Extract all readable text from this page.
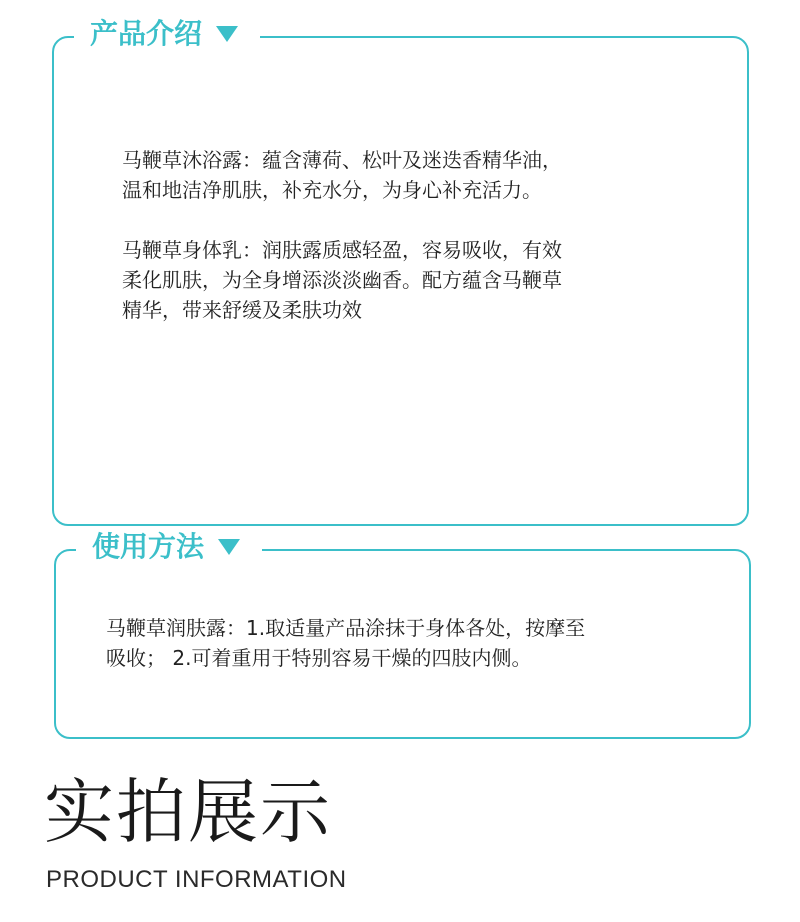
产品介绍
马鞭草沐浴露：蕴含薄荷、松叶及迷迭香精华油，
温和地洁净肌肤，补充水分，为身心补充活力。
马鞭草身体乳：润肤露质感轻盈，容易吸收，有效
柔化肌肤，为全身增添淡淡幽香。配方蕴含马鞭草
精华，带来舒缓及柔肤功效
使用方法
马鞭草润肤露：1.取适量产品涂抹于身体各处，按摩至
吸收； 2.可着重用于特别容易干燥的四肢内侧。
实拍展示
PRODUCT INFORMATION
